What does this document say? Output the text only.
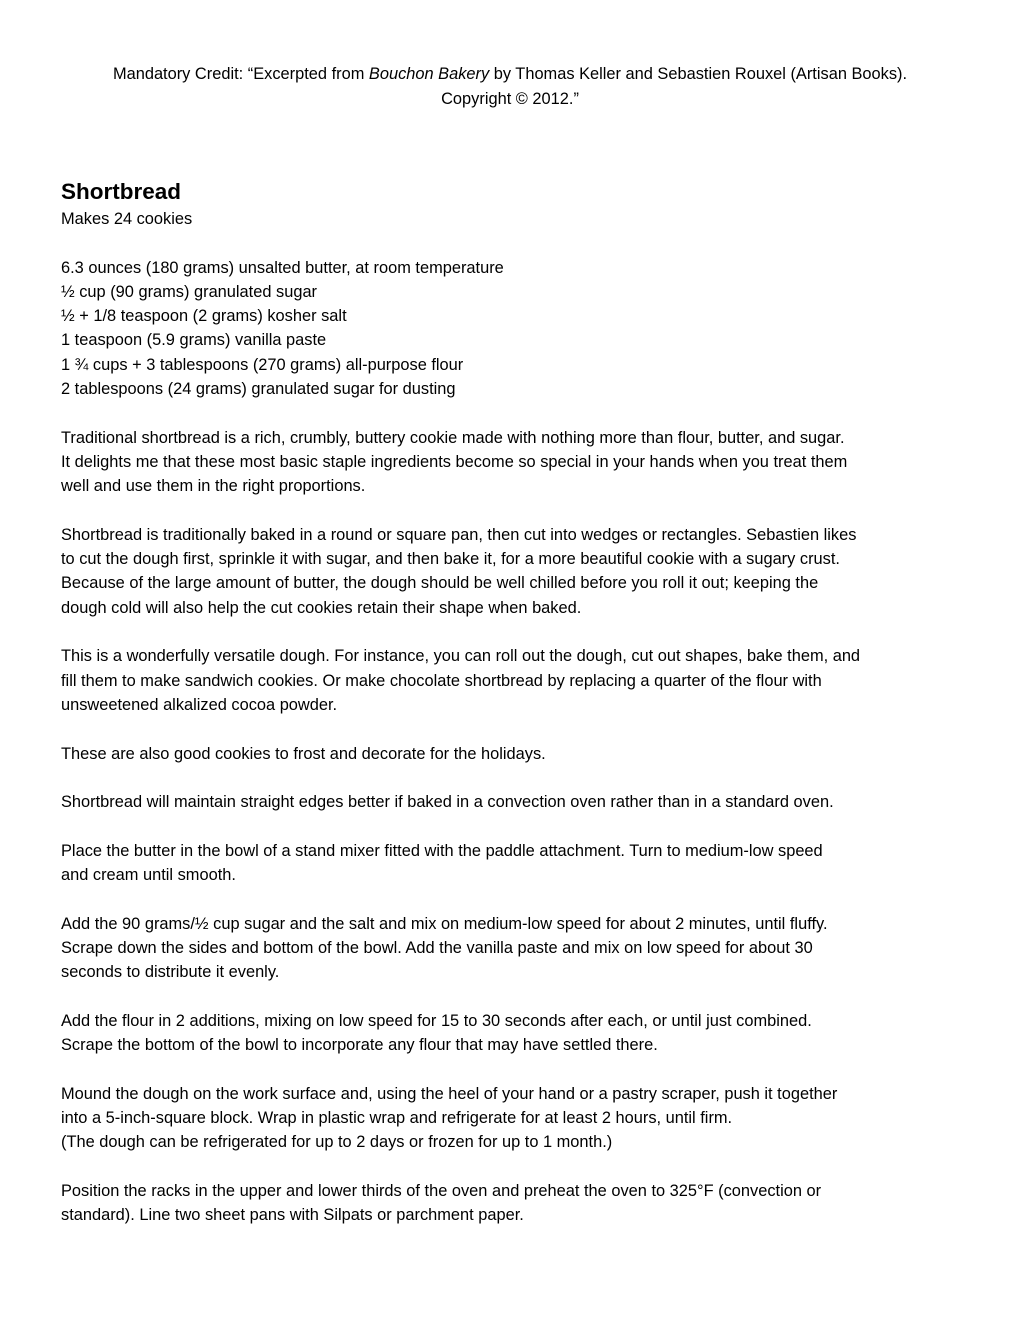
Mandatory Credit: “Excerpted from Bouchon Bakery by Thomas Keller and Sebastien Rouxel (Artisan Books).
Copyright © 2012.”
Shortbread

Makes 24 cookies

6.3 ounces (180 grams) unsalted butter, at room temperature
½ cup (90 grams) granulated sugar
½ + 1/8 teaspoon (2 grams) kosher salt
1 teaspoon (5.9 grams) vanilla paste
1 ¾ cups + 3 tablespoons (270 grams) all-purpose flour
2 tablespoons (24 grams) granulated sugar for dusting

Traditional shortbread is a rich, crumbly, buttery cookie made with nothing more than flour, butter, and sugar.
It delights me that these most basic staple ingredients become so special in your hands when you treat them
well and use them in the right proportions.

Shortbread is traditionally baked in a round or square pan, then cut into wedges or rectangles. Sebastien likes
to cut the dough first, sprinkle it with sugar, and then bake it, for a more beautiful cookie with a sugary crust.
Because of the large amount of butter, the dough should be well chilled before you roll it out; keeping the
dough cold will also help the cut cookies retain their shape when baked.

This is a wonderfully versatile dough. For instance, you can roll out the dough, cut out shapes, bake them, and
fill them to make sandwich cookies. Or make chocolate shortbread by replacing a quarter of the flour with
unsweetened alkalized cocoa powder.

These are also good cookies to frost and decorate for the holidays.

Shortbread will maintain straight edges better if baked in a convection oven rather than in a standard oven.

Place the butter in the bowl of a stand mixer fitted with the paddle attachment. Turn to medium-low speed
and cream until smooth.

Add the 90 grams/½ cup sugar and the salt and mix on medium-low speed for about 2 minutes, until fluffy.
Scrape down the sides and bottom of the bowl. Add the vanilla paste and mix on low speed for about 30
seconds to distribute it evenly.

Add the flour in 2 additions, mixing on low speed for 15 to 30 seconds after each, or until just combined.
Scrape the bottom of the bowl to incorporate any flour that may have settled there.

Mound the dough on the work surface and, using the heel of your hand or a pastry scraper, push it together
into a 5-inch-square block. Wrap in plastic wrap and refrigerate for at least 2 hours, until firm.
(The dough can be refrigerated for up to 2 days or frozen for up to 1 month.)

Position the racks in the upper and lower thirds of the oven and preheat the oven to 325°F (convection or
standard). Line two sheet pans with Silpats or parchment paper.
